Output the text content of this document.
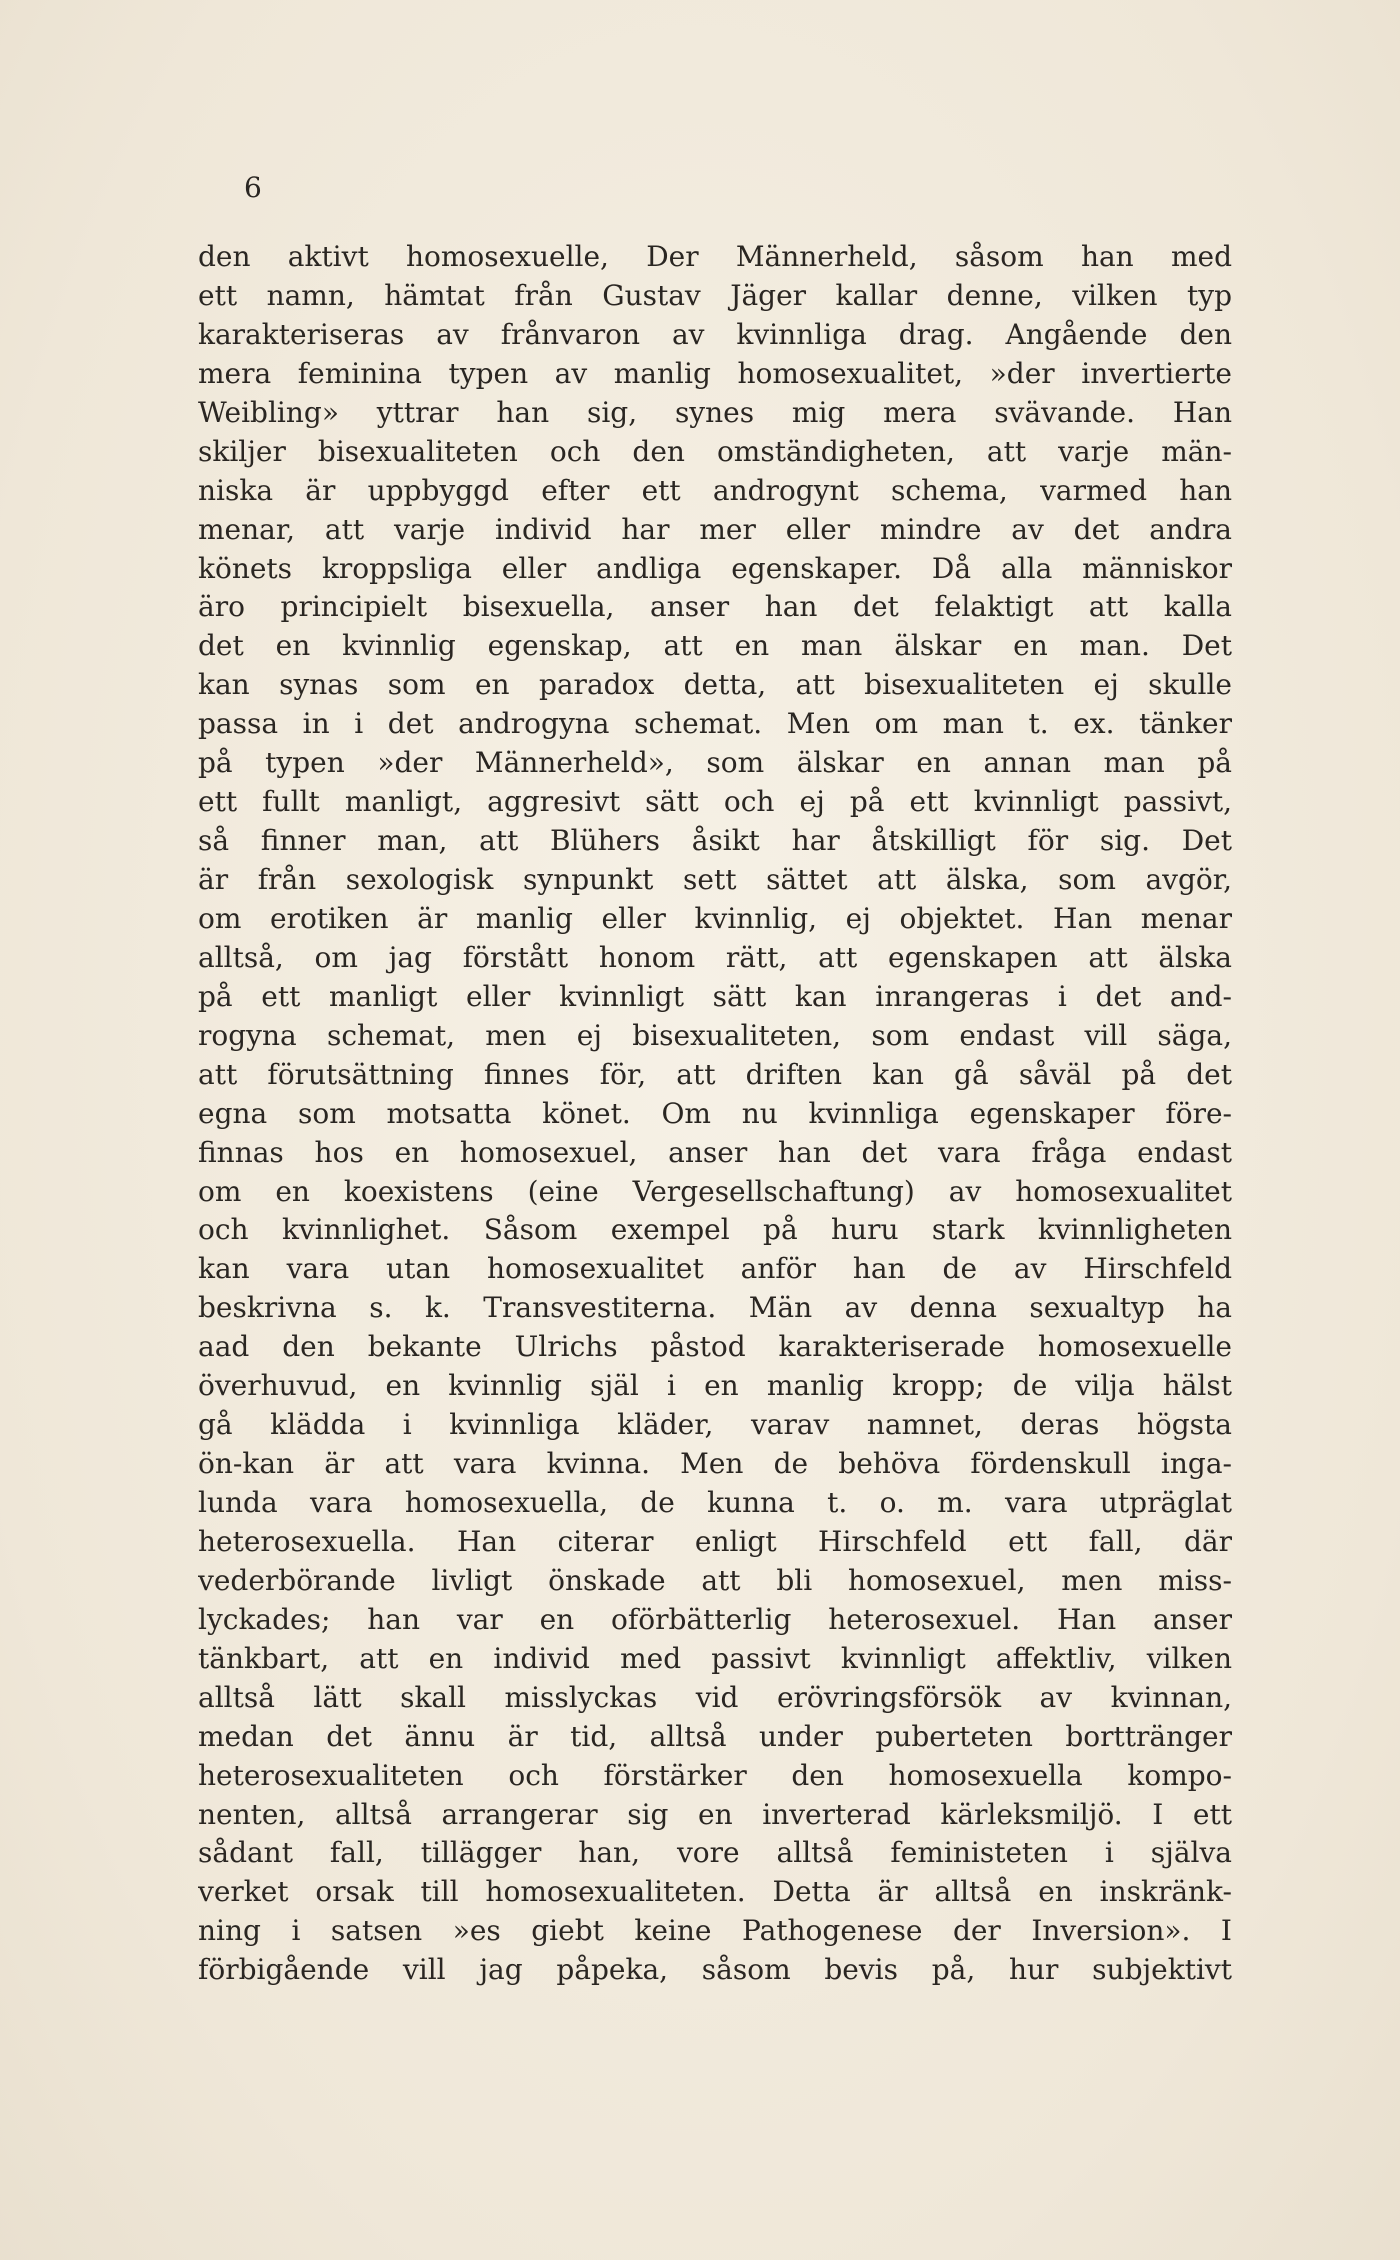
6
den aktivt homosexuelle, Der Männerheld, såsom han med
ett namn, hämtat från Gustav Jäger kallar denne, vilken typ
karakteriseras av frånvaron av kvinnliga drag. Angående den
mera feminina typen av manlig homosexualitet, »der invertierte
Weibling» yttrar han sig, synes mig mera svävande. Han
skiljer bisexualiteten och den omständigheten, att varje män-
niska är uppbyggd efter ett androgynt schema, varmed han
menar, att varje individ har mer eller mindre av det andra
könets kroppsliga eller andliga egenskaper. Då alla människor
äro principielt bisexuella, anser han det felaktigt att kalla
det en kvinnlig egenskap, att en man älskar en man. Det
kan synas som en paradox detta, att bisexualiteten ej skulle
passa in i det androgyna schemat. Men om man t. ex. tänker
på typen »der Männerheld», som älskar en annan man på
ett fullt manligt, aggresivt sätt och ej på ett kvinnligt passivt,
så finner man, att Blühers åsikt har åtskilligt för sig. Det
är från sexologisk synpunkt sett sättet att älska, som avgör,
om erotiken är manlig eller kvinnlig, ej objektet. Han menar
alltså, om jag förstått honom rätt, att egenskapen att älska
på ett manligt eller kvinnligt sätt kan inrangeras i det and-
rogyna schemat, men ej bisexualiteten, som endast vill säga,
att förutsättning finnes för, att driften kan gå såväl på det
egna som motsatta könet. Om nu kvinnliga egenskaper före-
finnas hos en homosexuel, anser han det vara fråga endast
om en koexistens (eine Vergesellschaftung) av homosexualitet
och kvinnlighet. Såsom exempel på huru stark kvinnligheten
kan vara utan homosexualitet anför han de av Hirschfeld
beskrivna s. k. Transvestiterna. Män av denna sexualtyp ha
aad den bekante Ulrichs påstod karakteriserade homosexuelle
överhuvud, en kvinnlig själ i en manlig kropp; de vilja hälst
gå klädda i kvinnliga kläder, varav namnet, deras högsta
ön-kan är att vara kvinna. Men de behöva fördenskull inga-
lunda vara homosexuella, de kunna t. o. m. vara utpräglat
heterosexuella. Han citerar enligt Hirschfeld ett fall, där
vederbörande livligt önskade att bli homosexuel, men miss-
lyckades; han var en oförbätterlig heterosexuel. Han anser
tänkbart, att en individ med passivt kvinnligt affektliv, vilken
alltså lätt skall misslyckas vid erövringsförsök av kvinnan,
medan det ännu är tid, alltså under puberteten borttränger
heterosexualiteten och förstärker den homosexuella kompo-
nenten, alltså arrangerar sig en inverterad kärleksmiljö. I ett
sådant fall, tillägger han, vore alltså feministeten i själva
verket orsak till homosexualiteten. Detta är alltså en inskränk-
ning i satsen »es giebt keine Pathogenese der Inversion». I
förbigående vill jag påpeka, såsom bevis på, hur subjektivt
